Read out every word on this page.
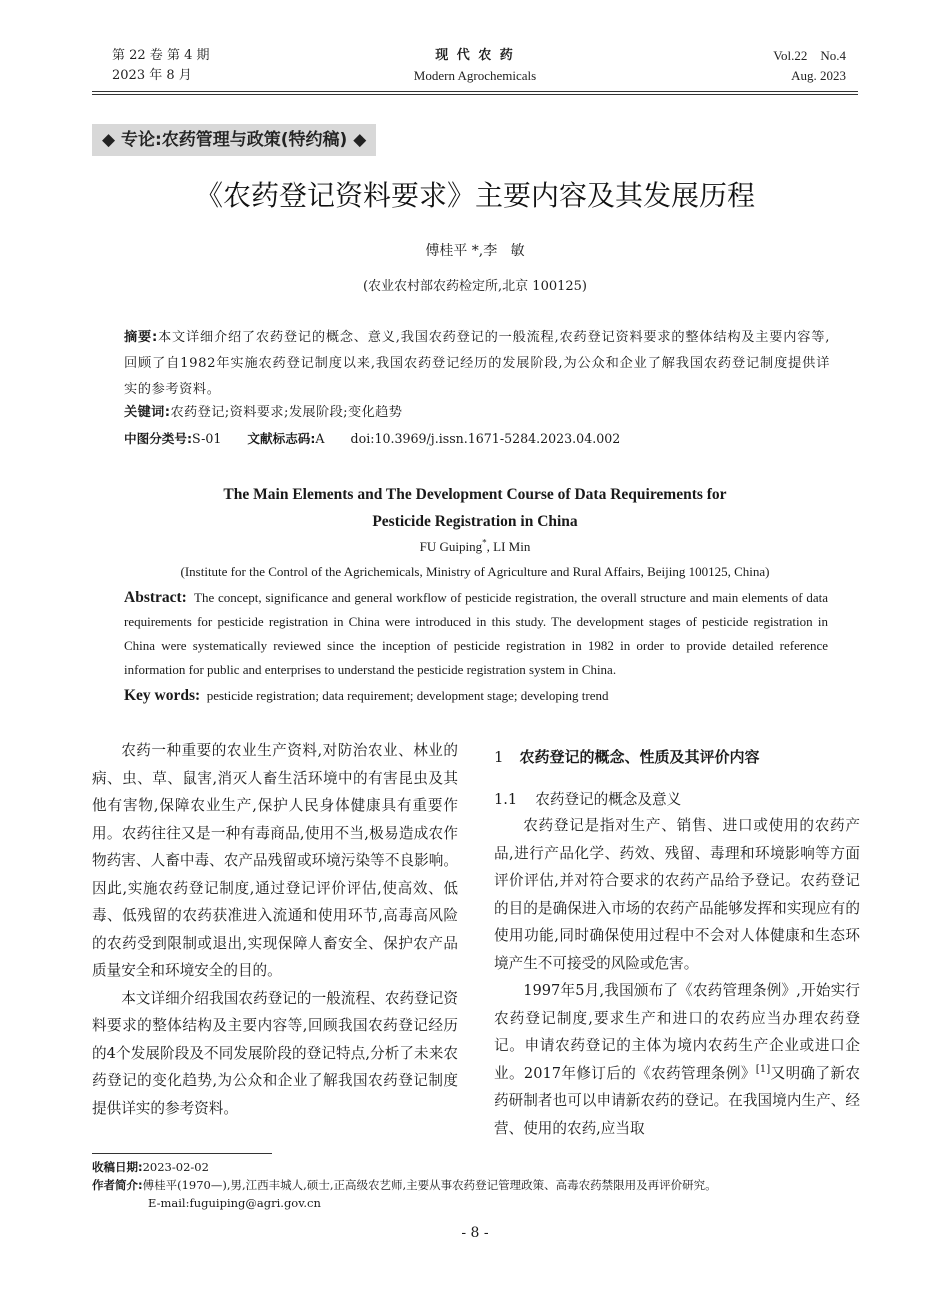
第 22 卷 第 4 期
2023 年 8 月
现 代 农 药
Modern Agrochemicals
Vol.22    No.4
Aug. 2023
◆ 专论:农药管理与政策(特约稿) ◆
《农药登记资料要求》主要内容及其发展历程
傅桂平 *,李   敏
(农业农村部农药检定所,北京 100125)
摘要:本文详细介绍了农药登记的概念、意义,我国农药登记的一般流程,农药登记资料要求的整体结构及主要内容等,回顾了自1982年实施农药登记制度以来,我国农药登记经历的发展阶段,为公众和企业了解我国农药登记制度提供详实的参考资料。
关键词:农药登记;资料要求;发展阶段;变化趋势
中图分类号:S-01 文献标志码:A doi:10.3969/j.issn.1671-5284.2023.04.002
The Main Elements and The Development Course of Data Requirements for
Pesticide Registration in China
FU Guiping*, LI Min
(Institute for the Control of the Agrichemicals, Ministry of Agriculture and Rural Affairs, Beijing 100125, China)
Abstract: The concept, significance and general workflow of pesticide registration, the overall structure and main elements of data requirements for pesticide registration in China were introduced in this study. The development stages of pesticide registration in China were systematically reviewed since the inception of pesticide registration in 1982 in order to provide detailed reference information for public and enterprises to understand the pesticide registration system in China.
Key words: pesticide registration; data requirement; development stage; developing trend

农药一种重要的农业生产资料,对防治农业、林业的病、虫、草、鼠害,消灭人畜生活环境中的有害昆虫及其他有害物,保障农业生产,保护人民身体健康具有重要作用。农药往往又是一种有毒商品,使用不当,极易造成农作物药害、人畜中毒、农产品残留或环境污染等不良影响。因此,实施农药登记制度,通过登记评价评估,使高效、低毒、低残留的农药获准进入流通和使用环节,高毒高风险的农药受到限制或退出,实现保障人畜安全、保护农产品质量安全和环境安全的目的。

本文详细介绍我国农药登记的一般流程、农药登记资料要求的整体结构及主要内容等,回顾我国农药登记经历的4个发展阶段及不同发展阶段的登记特点,分析了未来农药登记的变化趋势,为公众和企业了解我国农药登记制度提供详实的参考资料。

1 农药登记的概念、性质及其评价内容
1.1 农药登记的概念及意义

农药登记是指对生产、销售、进口或使用的农药产品,进行产品化学、药效、残留、毒理和环境影响等方面评价评估,并对符合要求的农药产品给予登记。农药登记的目的是确保进入市场的农药产品能够发挥和实现应有的使用功能,同时确保使用过程中不会对人体健康和生态环境产生不可接受的风险或危害。

1997年5月,我国颁布了《农药管理条例》,开始实行农药登记制度,要求生产和进口的农药应当办理农药登记。申请农药登记的主体为境内农药生产企业或进口企业。2017年修订后的《农药管理条例》[1]又明确了新农药研制者也可以申请新农药的登记。在我国境内生产、经营、使用的农药,应当取

收稿日期:2023-02-02
作者简介:傅桂平(1970—),男,江西丰城人,硕士,正高级农艺师,主要从事农药登记管理政策、高毒农药禁限用及再评价研究。
E-mail:fuguiping@agri.gov.cn
- 8 -
